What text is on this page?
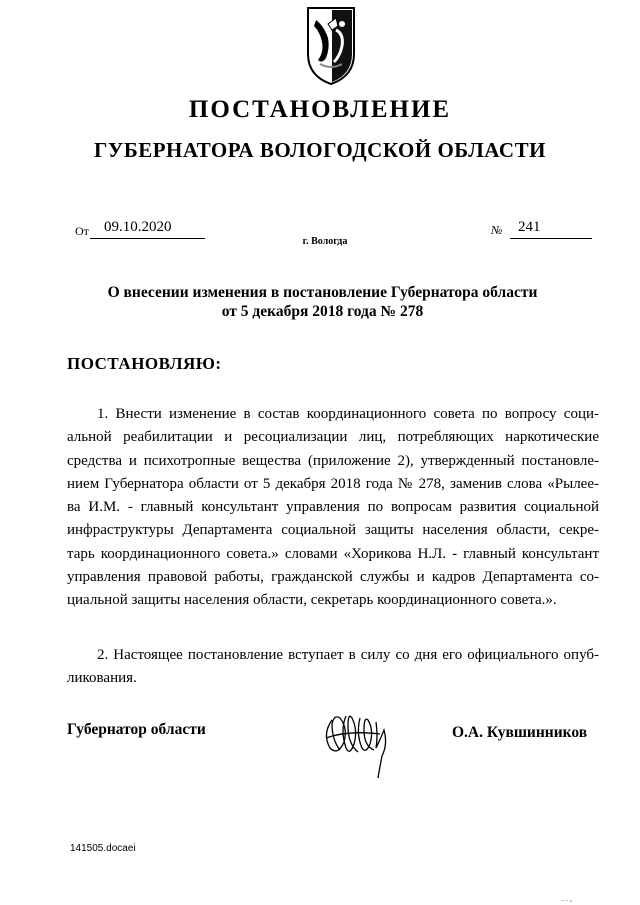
ПОСТАНОВЛЕНИЕ
ГУБЕРНАТОРА ВОЛОГОДСКОЙ ОБЛАСТИ
От 09.10.2020	№ 241
г. Вологда
О внесении изменения в постановление Губернатора области
от 5 декабря 2018 года № 278
ПОСТАНОВЛЯЮ:
1. Внести изменение в состав координационного совета по вопросу соци-
альной реабилитации и ресоциализации лиц, потребляющих наркотические
средства и психотропные вещества (приложение 2), утвержденный постановле-
нием Губернатора области от 5 декабря 2018 года № 278, заменив слова «Рылее-
ва И.М. - главный консультант управления по вопросам развития социальной
инфраструктуры Департамента социальной защиты населения области, секре-
тарь координационного совета.» словами «Хорикова Н.Л. - главный консультант
управления правовой работы, гражданской службы и кадров Департамента со-
циальной защиты населения области, секретарь координационного совета.».
2. Настоящее постановление вступает в силу со дня его официального опуб-
ликования.
Губернатор области	О.А. Кувшинников
141505.docaei
. . ,
